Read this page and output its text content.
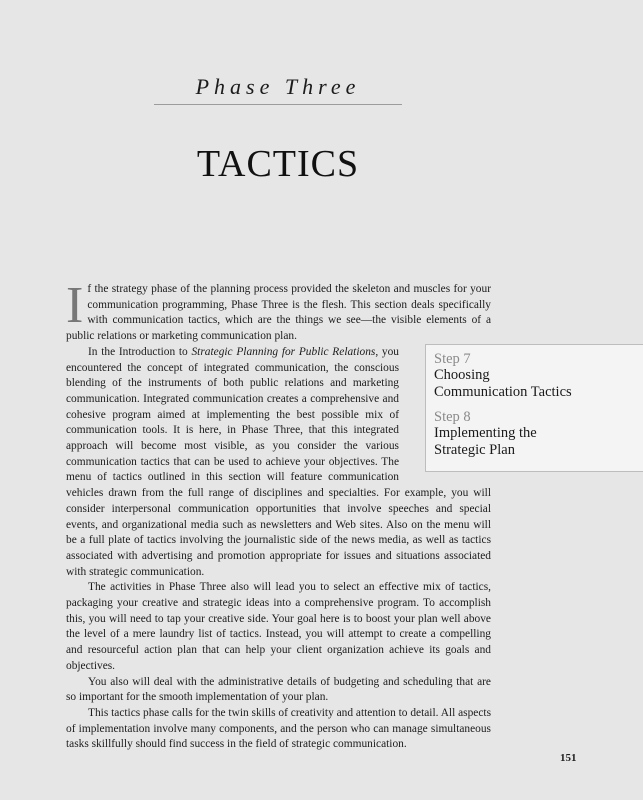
Phase Three
TACTICS

If the strategy phase of the planning process provided the skeleton and muscles for your communication programming, Phase Three is the flesh. This section deals specifically with communication tactics, which are the things we see—the visible elements of a public relations or marketing communication plan.

In the Introduction to Strategic Planning for Public Relations, you encountered the concept of integrated communication, the conscious blending of the instruments of both public relations and marketing communication. Integrated communication creates a comprehensive and cohesive program aimed at implementing the best possible mix of communication tools. It is here, in Phase Three, that this integrated approach will become most visible, as you consider the various communication tactics that can be used to achieve your objectives. The menu of tactics outlined in this section will feature communication vehicles drawn from the full range of disciplines and specialties. For example, you will consider interpersonal communication opportunities that involve speeches and special events, and organizational media such as newsletters and Web sites. Also on the menu will be a full plate of tactics involving the journalistic side of the news media, as well as tactics associated with advertising and promotion appropriate for issues and situations associated with strategic communication.

The activities in Phase Three also will lead you to select an effective mix of tactics, packaging your creative and strategic ideas into a comprehensive program. To accomplish this, you will need to tap your creative side. Your goal here is to boost your plan well above the level of a mere laundry list of tactics. Instead, you will attempt to create a compelling and resourceful action plan that can help your client organization achieve its goals and objectives.

You also will deal with the administrative details of budgeting and scheduling that are so important for the smooth implementation of your plan.

This tactics phase calls for the twin skills of creativity and attention to detail. All aspects of implementation involve many components, and the person who can manage simultaneous tasks skillfully should find success in the field of strategic communication.

Step 7
Choosing
Communication Tactics
Step 8
Implementing the
Strategic Plan
151
